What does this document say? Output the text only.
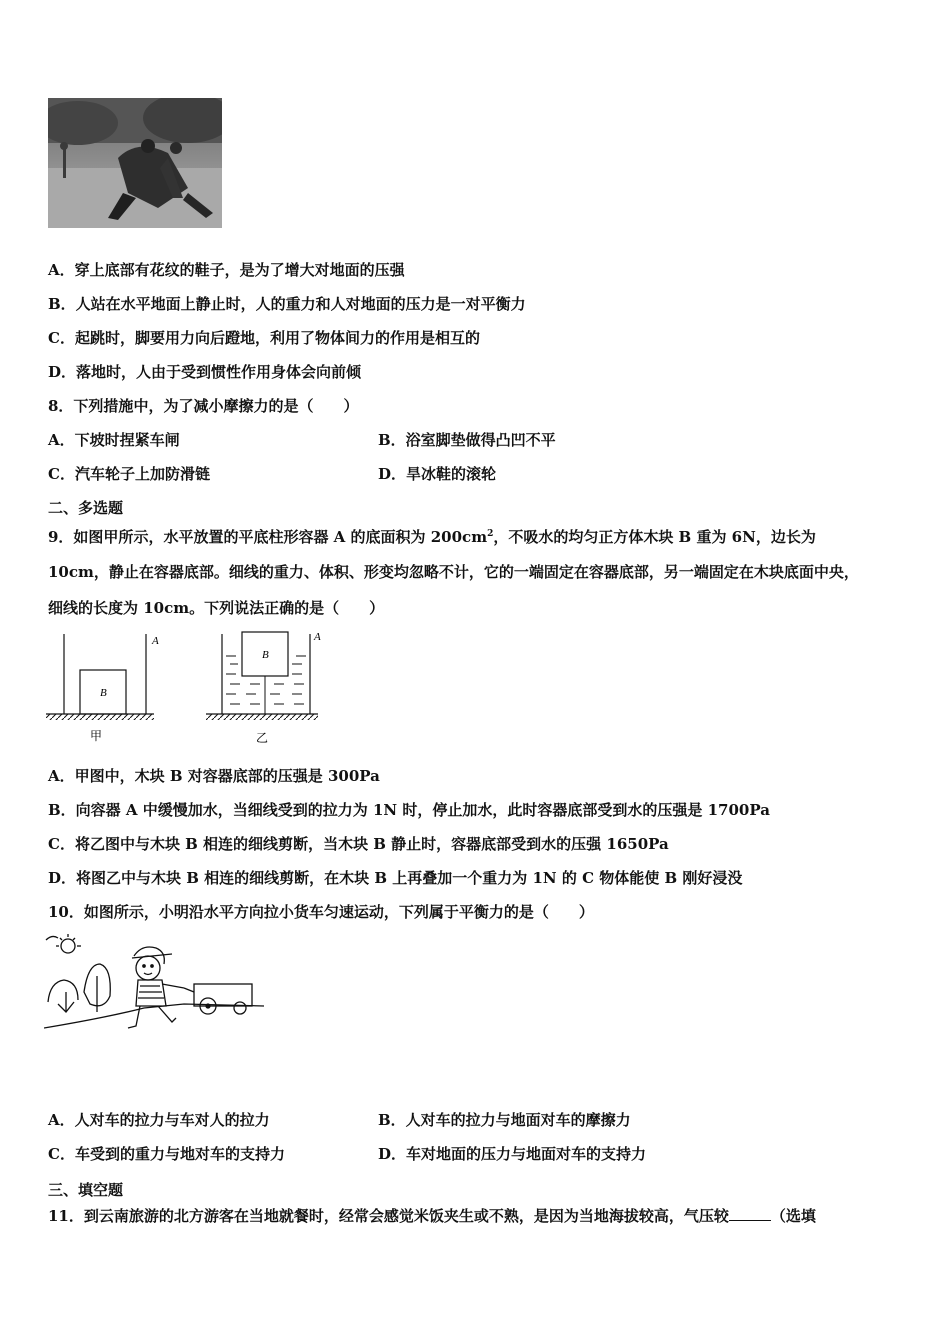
A．穿上底部有花纹的鞋子，是为了增大对地面的压强
B．人站在水平地面上静止时，人的重力和人对地面的压力是一对平衡力
C．起跳时，脚要用力向后蹬地，利用了物体间力的作用是相互的
D．落地时，人由于受到惯性作用身体会向前倾
8．下列措施中，为了减小摩擦力的是（　　）
A．下坡时捏紧车闸	B．浴室脚垫做得凸凹不平
C．汽车轮子上加防滑链	D．旱冰鞋的滚轮
二、多选题
9．如图甲所示，水平放置的平底柱形容器 A 的底面积为 $200cm^2$，不吸水的均匀正方体木块 B 重为 6N，边长为
10cm，静止在容器底部。细线的重力、体积、形变均忽略不计，它的一端固定在容器底部，另一端固定在木块底面中央，
细线的长度为 10cm。下列说法正确的是（　　）
B
A
B
A
甲	乙
A．甲图中，木块 B 对容器底部的压强是 300Pa
B．向容器 A 中缓慢加水，当细线受到的拉力为 1N 时，停止加水，此时容器底部受到水的压强是 1700Pa
C．将乙图中与木块 B 相连的细线剪断，当木块 B 静止时，容器底部受到水的压强 1650Pa
D．将图乙中与木块 B 相连的细线剪断，在木块 B 上再叠加一个重力为 1N 的 C 物体能使 B 刚好浸没
10．如图所示，小明沿水平方向拉小货车匀速运动，下列属于平衡力的是（　　）
A．人对车的拉力与车对人的拉力	B．人对车的拉力与地面对车的摩擦力
C．车受到的重力与地对车的支持力	D．车对地面的压力与地面对车的支持力
三、填空题
11．到云南旅游的北方游客在当地就餐时，经常会感觉米饭夹生或不熟，是因为当地海拔较高，气压较	（选填
